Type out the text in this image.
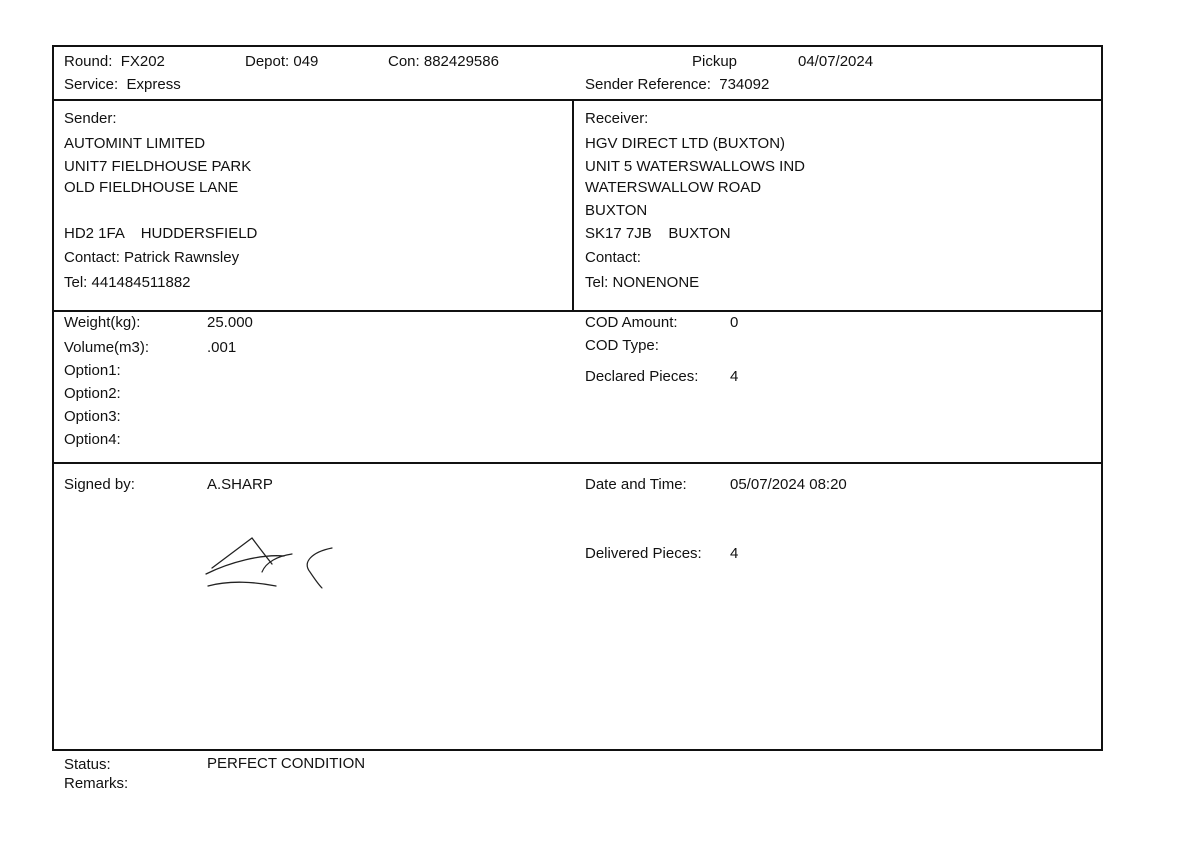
Round:  FX202	Depot: 049	Con: 882429586
Service:  Express
Pickup	04/07/2024
Sender Reference:  734092
Sender:
AUTOMINT LIMITED
UNIT7 FIELDHOUSE PARK
OLD FIELDHOUSE LANE
HD2 1FA    HUDDERSFIELD
Contact: Patrick Rawnsley
Tel: 441484511882
Receiver:
HGV DIRECT LTD (BUXTON)
UNIT 5 WATERSWALLOWS IND
WATERSWALLOW ROAD
BUXTON
SK17 7JB    BUXTON
Contact:
Tel: NONENONE
Weight(kg):	25.000
Volume(m3):	.001
Option1:
Option2:
Option3:
Option4:
COD Amount:	0
COD Type:
Declared Pieces: 4
Signed by:	A.SHARP	Date and Time:	05/07/2024 08:20
Delivered Pieces: 4
Status:	PERFECT CONDITION
Remarks:
